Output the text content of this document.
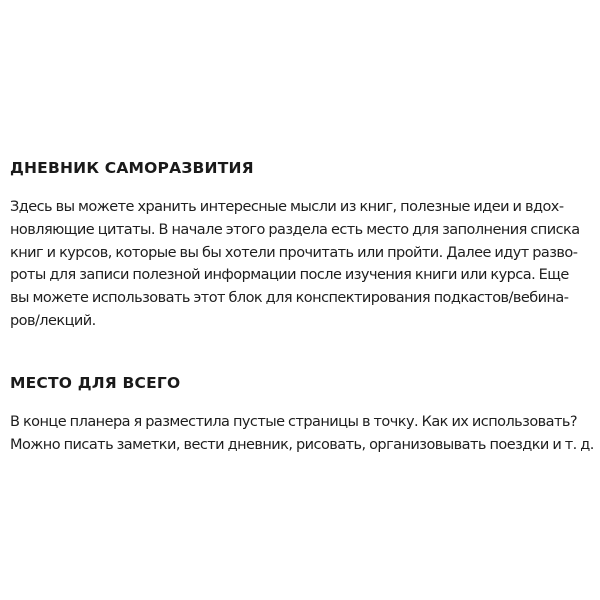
ДНЕВНИК САМОРАЗВИТИЯ

Здесь вы можете хранить интересные мысли из книг, полезные идеи и вдох-
новляющие цитаты. В начале этого раздела есть место для заполнения списка
книг и курсов, которые вы бы хотели прочитать или пройти. Далее идут разво-
роты для записи полезной информации после изучения книги или курса. Еще
вы можете использовать этот блок для конспектирования подкастов/вебина-
ров/лекций.

МЕСТО ДЛЯ ВСЕГО

В конце планера я разместила пустые страницы в точку. Как их использовать?
Можно писать заметки, вести дневник, рисовать, организовывать поездки и т. д.
